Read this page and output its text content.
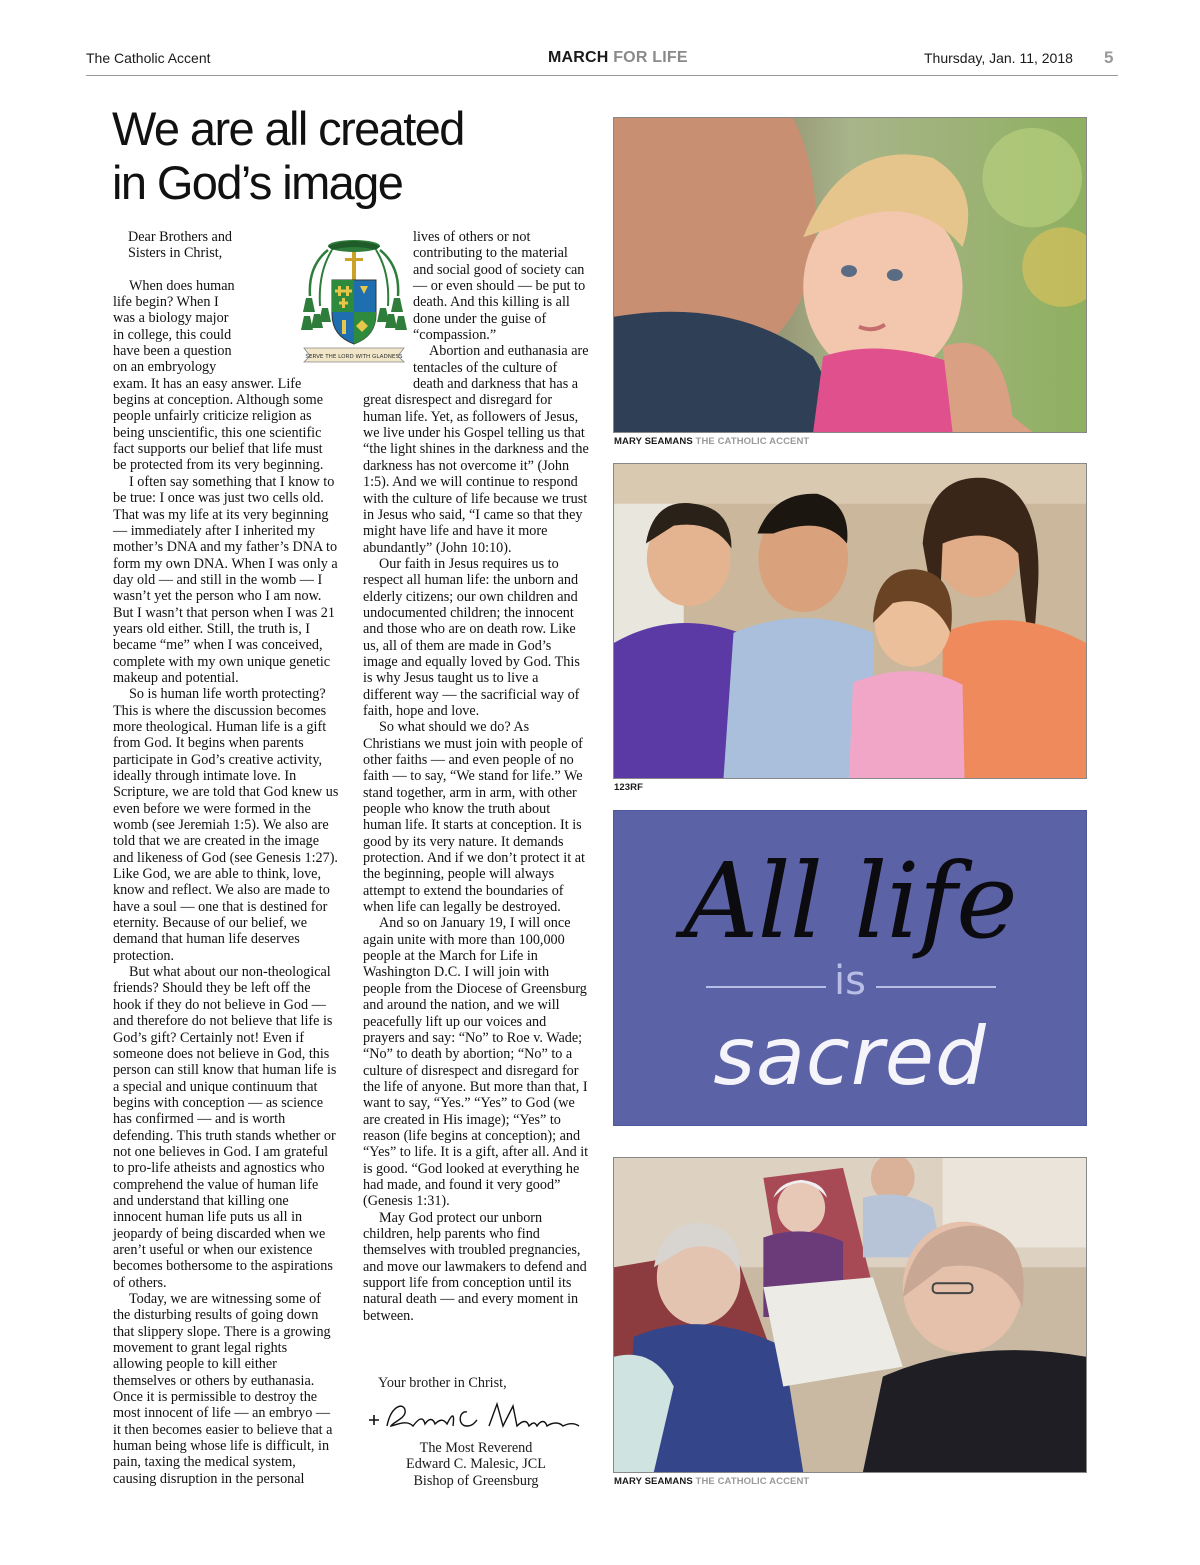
The Catholic Accent	MARCH FOR LIFE	Thursday, Jan. 11, 2018 5
We are all created
in God’s image

Dear Brothers and

Sisters in Christ,

When does human life begin? When I was a biology major in college, this could have been a question on an embryology exam. It has an easy answer. Life begins at conception. Although some people unfairly criticize religion as being unscientific, this one scientific fact supports our belief that life must be protected from its very beginning.

I often say something that I know to be true: I once was just two cells old. That was my life at its very beginning — immediately after I inherited my mother’s DNA and my father’s DNA to form my own DNA. When I was only a day old — and still in the womb — I wasn’t yet the person who I am now. But I wasn’t that person when I was 21 years old either. Still, the truth is, I became “me” when I was conceived, complete with my own unique genetic makeup and potential.

So is human life worth protecting? This is where the discussion becomes more theological. Human life is a gift from God. It begins when parents participate in God’s creative activity, ideally through intimate love. In Scripture, we are told that God knew us even before we were formed in the womb (see Jeremiah 1:5). We also are told that we are created in the image and likeness of God (see Genesis 1:27). Like God, we are able to think, love, know and reflect. We also are made to have a soul — one that is destined for eternity. Because of our belief, we demand that human life deserves protection.

But what about our non-theological friends? Should they be left off the hook if they do not believe in God — and therefore do not believe that life is God’s gift? Certainly not! Even if someone does not believe in God, this person can still know that human life is a special and unique continuum that begins with conception — as science has confirmed — and is worth defending. This truth stands whether or not one believes in God. I am grateful to pro-life atheists and agnostics who comprehend the value of human life and understand that killing one innocent human life puts us all in jeopardy of being discarded when we aren’t useful or when our existence becomes bothersome to the aspirations of others.

Today, we are witnessing some of the disturbing results of going down that slippery slope. There is a growing movement to grant legal rights allowing people to kill either themselves or others by euthanasia. Once it is permissible to destroy the most innocent of life — an embryo — it then becomes easier to believe that a human being whose life is difficult, in pain, taxing the medical system, causing disruption in the personal

lives of others or not contributing to the material and social good of society can — or even should — be put to death. And this killing is all done under the guise of “compassion.”

Abortion and euthanasia are tentacles of the culture of death and darkness that has a great disrespect and disregard for human life. Yet, as followers of Jesus, we live under his Gospel telling us that “the light shines in the darkness and the darkness has not overcome it” (John 1:5). And we will continue to respond with the culture of life because we trust in Jesus who said, “I came so that they might have life and have it more abundantly” (John 10:10).

Our faith in Jesus requires us to respect all human life: the unborn and elderly citizens; our own children and undocumented children; the innocent and those who are on death row. Like us, all of them are made in God’s image and equally loved by God. This is why Jesus taught us to live a different way — the sacrificial way of faith, hope and love.

So what should we do? As Christians we must join with people of other faiths — and even people of no faith — to say, “We stand for life.” We stand together, arm in arm, with other people who know the truth about human life. It starts at conception. It is good by its very nature. It demands protection. And if we don’t protect it at the beginning, people will always attempt to extend the boundaries of when life can legally be destroyed.

And so on January 19, I will once again unite with more than 100,000 people at the March for Life in Washington D.C. I will join with people from the Diocese of Greensburg and around the nation, and we will peacefully lift up our voices and prayers and say: “No” to Roe v. Wade; “No” to death by abortion; “No” to a culture of disrespect and disregard for the life of anyone. But more than that, I want to say, “Yes.” “Yes” to God (we are created in His image); “Yes” to reason (life begins at conception); and “Yes” to life. It is a gift, after all. And it is good. “God looked at everything he had made, and found it very good” (Genesis 1:31).

May God protect our unborn children, help parents who find themselves with troubled pregnancies, and move our lawmakers to defend and support life from conception until its natural death — and every moment in between.

SERVE THE LORD WITH GLADNESS

Your brother in Christ,

The Most Reverend

Edward C. Malesic, JCL

Bishop of Greensburg

MARY SEAMANS THE CATHOLIC ACCENT
123RF
All life
is
sacred
MARY SEAMANS THE CATHOLIC ACCENT
